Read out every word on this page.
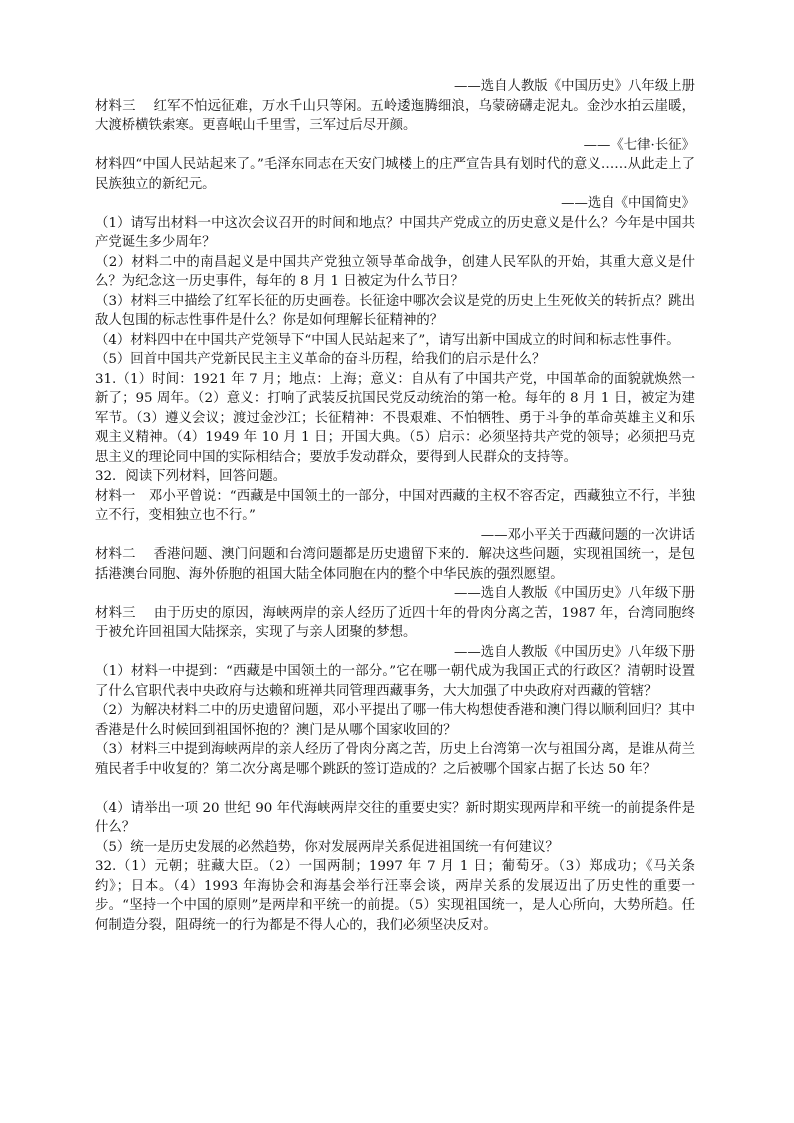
——选自人教版《中国历史》八年级上册
材料三　 红军不怕远征难，万水千山只等闲。五岭逶迤腾细浪，乌蒙磅礴走泥丸。金沙水拍云崖暖，大渡桥横铁索寒。更喜岷山千里雪，三军过后尽开颜。
——《七律·长征》
材料四“中国人民站起来了。”毛泽东同志在天安门城楼上的庄严宣告具有划时代的意义……从此走上了民族独立的新纪元。
——选自《中国简史》
（1）请写出材料一中这次会议召开的时间和地点？中国共产党成立的历史意义是什么？今年是中国共产党诞生多少周年？
（2）材料二中的南昌起义是中国共产党独立领导革命战争，创建人民军队的开始，其重大意义是什么？为纪念这一历史事件，每年的 8 月 1 日被定为什么节日？
（3）材料三中描绘了红军长征的历史画卷。长征途中哪次会议是党的历史上生死攸关的转折点？跳出敌人包围的标志性事件是什么？你是如何理解长征精神的？
（4）材料四中在中国共产党领导下“中国人民站起来了”，请写出新中国成立的时间和标志性事件。
（5）回首中国共产党新民民主主义革命的奋斗历程，给我们的启示是什么？
31.（1）时间：1921 年 7 月；地点：上海；意义：自从有了中国共产党，中国革命的面貌就焕然一新了；95 周年。（2）意义：打响了武装反抗国民党反动统治的第一枪。每年的 8 月 1 日，被定为建军节。（3）遵义会议；渡过金沙江；长征精神：不畏艰难、不怕牺牲、勇于斗争的革命英雄主义和乐观主义精神。（4）1949 年 10 月 1 日；开国大典。（5）启示：必须坚持共产党的领导；必须把马克思主义的理论同中国的实际相结合；要放手发动群众，要得到人民群众的支持等。
32．阅读下列材料，回答问题。
材料一　邓小平曾说：“西藏是中国领土的一部分，中国对西藏的主权不容否定，西藏独立不行，半独立不行，变相独立也不行。”
——邓小平关于西藏问题的一次讲话
材料二　 香港问题、澳门问题和台湾问题都是历史遗留下来的．解决这些问题，实现祖国统一，是包括港澳台同胞、海外侨胞的祖国大陆全体同胞在内的整个中华民族的强烈愿望。
——选自人教版《中国历史》八年级下册
材料三　 由于历史的原因，海峡两岸的亲人经历了近四十年的骨肉分离之苦，1987 年，台湾同胞终于被允许回祖国大陆探亲，实现了与亲人团聚的梦想。
——选自人教版《中国历史》八年级下册
（1）材料一中提到：“西藏是中国领土的一部分。”它在哪一朝代成为我国正式的行政区？清朝时设置了什么官职代表中央政府与达赖和班禅共同管理西藏事务，大大加强了中央政府对西藏的管辖？
（2）为解决材料二中的历史遗留问题，邓小平提出了哪一伟大构想使香港和澳门得以顺利回归？其中香港是什么时候回到祖国怀抱的？澳门是从哪个国家收回的？
（3）材料三中提到海峡两岸的亲人经历了骨肉分离之苦，历史上台湾第一次与祖国分离，是谁从荷兰殖民者手中收复的？第二次分离是哪个跳跃的签订造成的？之后被哪个国家占据了长达 50 年？
（4）请举出一项 20 世纪 90 年代海峡两岸交往的重要史实？新时期实现两岸和平统一的前提条件是什么？
（5）统一是历史发展的必然趋势，你对发展两岸关系促进祖国统一有何建议？
32.（1）元朝；驻藏大臣。（2）一国两制；1997 年 7 月 1 日；葡萄牙。（3）郑成功；《马关条约》；日本。（4）1993 年海协会和海基会举行汪辜会谈，两岸关系的发展迈出了历史性的重要一步。“坚持一个中国的原则”是两岸和平统一的前提。（5）实现祖国统一，是人心所向，大势所趋。任何制造分裂，阻碍统一的行为都是不得人心的，我们必须坚决反对。
